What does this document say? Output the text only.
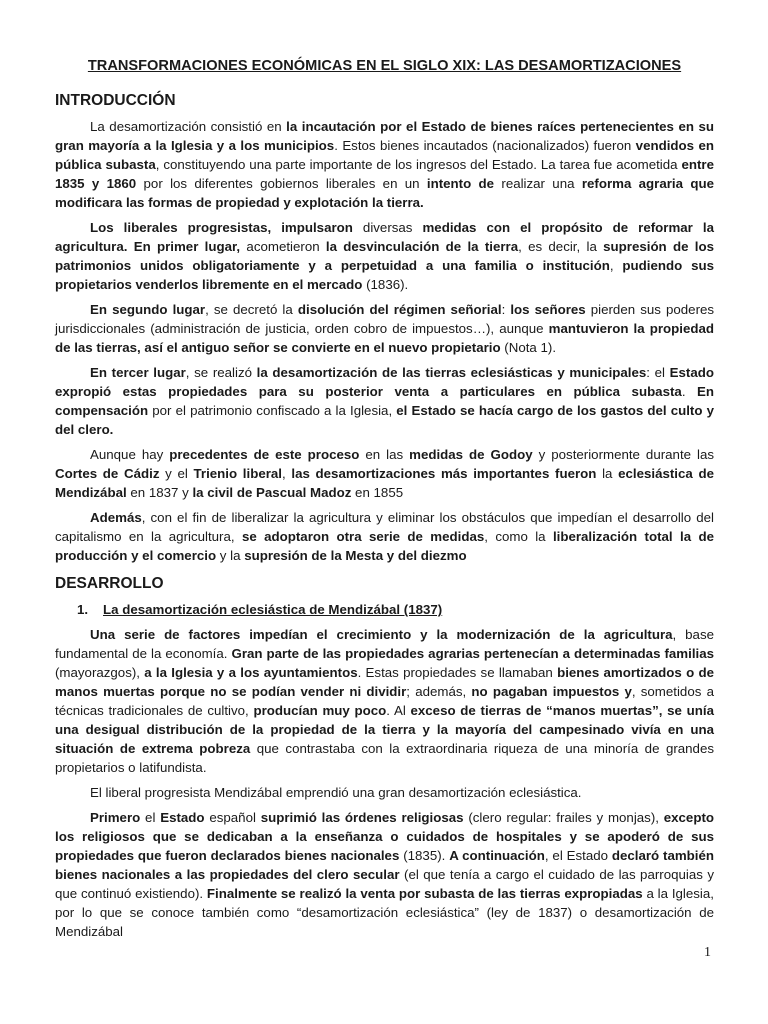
TRANSFORMACIONES ECONÓMICAS EN EL SIGLO XIX: LAS DESAMORTIZACIONES
INTRODUCCIÓN

La desamortización consistió en la incautación por el Estado de bienes raíces pertenecientes en su gran mayoría a la Iglesia y a los municipios. Estos bienes incautados (nacionalizados) fueron vendidos en pública subasta, constituyendo una parte importante de los ingresos del Estado. La tarea fue acometida entre 1835 y 1860 por los diferentes gobiernos liberales en un intento de realizar una reforma agraria que modificara las formas de propiedad y explotación la tierra.

Los liberales progresistas, impulsaron diversas medidas con el propósito de reformar la agricultura. En primer lugar, acometieron la desvinculación de la tierra, es decir, la supresión de los patrimonios unidos obligatoriamente y a perpetuidad a una familia o institución, pudiendo sus propietarios venderlos libremente en el mercado (1836).

En segundo lugar, se decretó la disolución del régimen señorial: los señores pierden sus poderes jurisdiccionales (administración de justicia, orden cobro de impuestos…), aunque mantuvieron la propiedad de las tierras, así el antiguo señor se convierte en el nuevo propietario (Nota 1).

En tercer lugar, se realizó la desamortización de las tierras eclesiásticas y municipales: el Estado expropió estas propiedades para su posterior venta a particulares en pública subasta. En compensación por el patrimonio confiscado a la Iglesia, el Estado se hacía cargo de los gastos del culto y del clero.

Aunque hay precedentes de este proceso en las medidas de Godoy y posteriormente durante las Cortes de Cádiz y el Trienio liberal, las desamortizaciones más importantes fueron la eclesiástica de Mendizábal en 1837 y la civil de Pascual Madoz en 1855

Además, con el fin de liberalizar la agricultura y eliminar los obstáculos que impedían el desarrollo del capitalismo en la agricultura, se adoptaron otra serie de medidas, como la liberalización total la de producción y el comercio y la supresión de la Mesta y del diezmo

DESARROLLO
1. La desamortización eclesiástica de Mendizábal (1837)

Una serie de factores impedían el crecimiento y la modernización de la agricultura, base fundamental de la economía. Gran parte de las propiedades agrarias pertenecían a determinadas familias (mayorazgos), a la Iglesia y a los ayuntamientos. Estas propiedades se llamaban bienes amortizados o de manos muertas porque no se podían vender ni dividir; además, no pagaban impuestos y, sometidos a técnicas tradicionales de cultivo, producían muy poco. Al exceso de tierras de “manos muertas”, se unía una desigual distribución de la propiedad de la tierra y la mayoría del campesinado vivía en una situación de extrema pobreza que contrastaba con la extraordinaria riqueza de una minoría de grandes propietarios o latifundista.

El liberal progresista Mendizábal emprendió una gran desamortización eclesiástica.

Primero el Estado español suprimió las órdenes religiosas (clero regular: frailes y monjas), excepto los religiosos que se dedicaban a la enseñanza o cuidados de hospitales y se apoderó de sus propiedades que fueron declarados bienes nacionales (1835). A continuación, el Estado declaró también bienes nacionales a las propiedades del clero secular (el que tenía a cargo el cuidado de las parroquias y que continuó existiendo). Finalmente se realizó la venta por subasta de las tierras expropiadas a la Iglesia, por lo que se conoce también como “desamortización eclesiástica” (ley de 1837) o desamortización de Mendizábal

1
